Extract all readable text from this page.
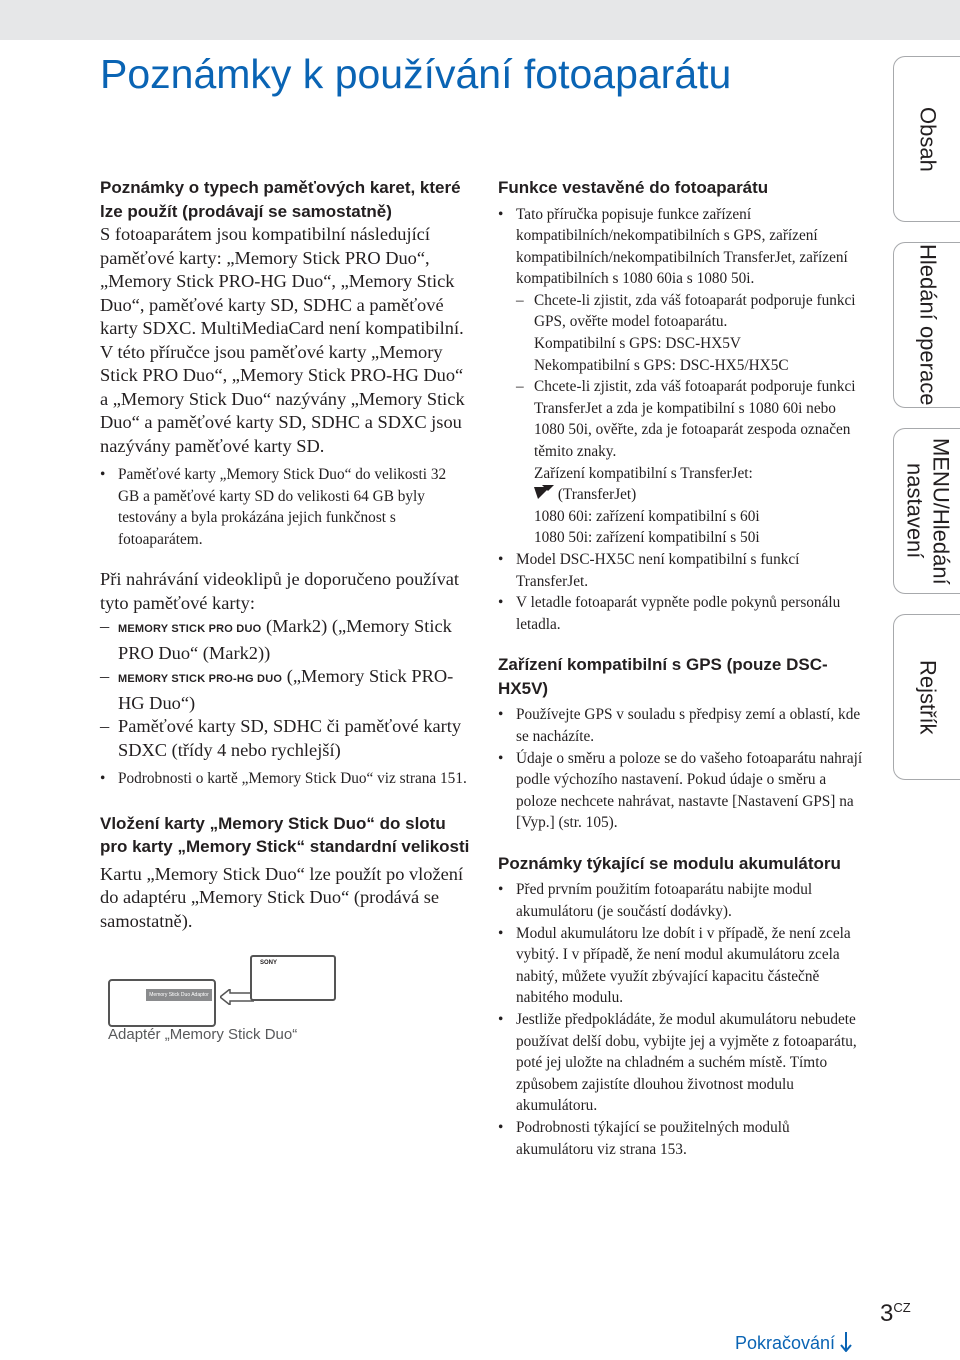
Poznámky k používání fotoaparátu

Poznámky o typech paměťových karet, které lze použít (prodávají se samostatně)

S fotoaparátem jsou kompatibilní následující paměťové karty: „Memory Stick PRO Duo“, „Memory Stick PRO-HG Duo“, „Memory Stick Duo“, paměťové karty SD, SDHC a paměťové karty SDXC. MultiMediaCard není kompatibilní.

V této příručce jsou paměťové karty „Memory Stick PRO Duo“, „Memory Stick PRO-HG Duo“ a „Memory Stick Duo“ nazývány „Memory Stick Duo“ a paměťové karty SD, SDHC a SDXC jsou nazývány paměťové karty SD.

• Paměťové karty „Memory Stick Duo“ do velikosti 32 GB a paměťové karty SD do velikosti 64 GB byly testovány a byla prokázána jejich funkčnost s fotoaparátem.

Při nahrávání videoklipů je doporučeno používat tyto paměťové karty:

– MEMORY STICK PRO DUO (Mark2) („Memory Stick PRO Duo“ (Mark2))
– MEMORY STICK PRO-HG DUO („Memory Stick PRO-HG Duo“)
– Paměťové karty SD, SDHC či paměťové karty SDXC (třídy 4 nebo rychlejší)

• Podrobnosti o kartě „Memory Stick Duo“ viz strana 151.

Vložení karty „Memory Stick Duo“ do slotu pro karty „Memory Stick“ standardní velikosti

Kartu „Memory Stick Duo“ lze použít po vložení do adaptéru „Memory Stick Duo“ (prodává se samostatně).

Memory Stick Duo Adaptor
SONY
Adaptér „Memory Stick Duo“

Funkce vestavěné do fotoaparátu

• Tato příručka popisuje funkce zařízení kompatibilních/nekompatibilních s GPS, zařízení kompatibilních/nekompatibilních TransferJet, zařízení kompatibilních s 1080 60ia s 1080 50i.

– Chcete-li zjistit, zda váš fotoaparát podporuje funkci GPS, ověřte model fotoaparátu.

Kompatibilní s GPS: DSC-HX5V

Nekompatibilní s GPS: DSC-HX5/HX5C

– Chcete-li zjistit, zda váš fotoaparát podporuje funkci TransferJet a zda je kompatibilní s 1080 60i nebo 1080 50i, ověřte, zda je fotoaparát zespoda označen těmito znaky.

Zařízení kompatibilní s TransferJet:

(TransferJet)

1080 60i: zařízení kompatibilní s 60i

1080 50i: zařízení kompatibilní s 50i

• Model DSC-HX5C není kompatibilní s funkcí TransferJet.

• V letadle fotoaparát vypněte podle pokynů personálu letadla.

Zařízení kompatibilní s GPS (pouze DSC-HX5V)

• Používejte GPS v souladu s předpisy zemí a oblastí, kde se nacházíte.

• Údaje o směru a poloze se do vašeho fotoaparátu nahrají podle výchozího nastavení. Pokud údaje o směru a poloze nechcete nahrávat, nastavte [Nastavení GPS] na [Vyp.] (str. 105).

Poznámky týkající se modulu akumulátoru

• Před prvním použitím fotoaparátu nabijte modul akumulátoru (je součástí dodávky).

• Modul akumulátoru lze dobít i v případě, že není zcela vybitý. I v případě, že není modul akumulátoru zcela nabitý, můžete využít zbývající kapacitu částečně nabitého modulu.

• Jestliže předpokládáte, že modul akumulátoru nebudete používat delší dobu, vybijte jej a vyjměte z fotoaparátu, poté jej uložte na chladném a suchém místě. Tímto způsobem zajistíte dlouhou životnost modulu akumulátoru.

• Podrobnosti týkající se použitelných modulů akumulátoru viz strana 153.

Obsah
Hledání operace
MENU/Hledání nastavení
Rejstřík
$3^{CZ}$
Pokračování
